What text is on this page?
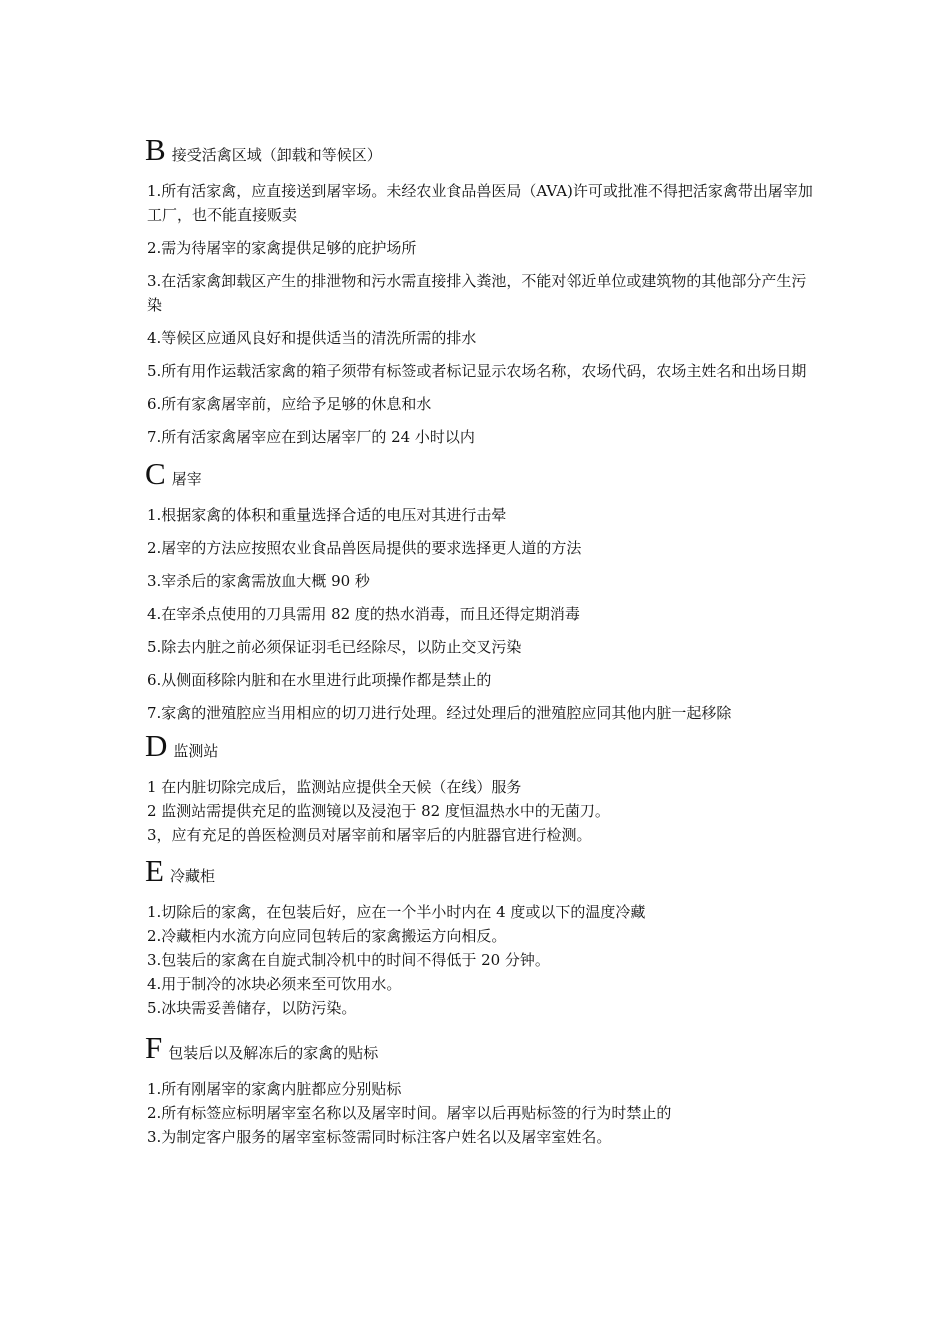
B 接受活禽区域（卸载和等候区）

1.所有活家禽，应直接送到屠宰场。未经农业食品兽医局（AVA)许可或批准不得把活家禽带出屠宰加工厂，也不能直接贩卖

2.需为待屠宰的家禽提供足够的庇护场所

3.在活家禽卸载区产生的排泄物和污水需直接排入粪池，不能对邻近单位或建筑物的其他部分产生污染

4.等候区应通风良好和提供适当的清洗所需的排水

5.所有用作运载活家禽的箱子须带有标签或者标记显示农场名称，农场代码，农场主姓名和出场日期

6.所有家禽屠宰前，应给予足够的休息和水

7.所有活家禽屠宰应在到达屠宰厂的 24 小时以内

C 屠宰

1.根据家禽的体积和重量选择合适的电压对其进行击晕

2.屠宰的方法应按照农业食品兽医局提供的要求选择更人道的方法

3.宰杀后的家禽需放血大概 90 秒

4.在宰杀点使用的刀具需用 82 度的热水消毒，而且还得定期消毒

5.除去内脏之前必须保证羽毛已经除尽，以防止交叉污染

6.从侧面移除内脏和在水里进行此项操作都是禁止的

7.家禽的泄殖腔应当用相应的切刀进行处理。经过处理后的泄殖腔应同其他内脏一起移除

D 监测站

1 在内脏切除完成后，监测站应提供全天候（在线）服务

2 监测站需提供充足的监测镜以及浸泡于 82 度恒温热水中的无菌刀。

3，应有充足的兽医检测员对屠宰前和屠宰后的内脏器官进行检测。

E 冷藏柜

1.切除后的家禽，在包装后好，应在一个半小时内在 4 度或以下的温度冷藏

2.冷藏柜内水流方向应同包转后的家禽搬运方向相反。

3.包装后的家禽在自旋式制冷机中的时间不得低于 20 分钟。

4.用于制冷的冰块必须来至可饮用水。

5.冰块需妥善储存，以防污染。

F 包装后以及解冻后的家禽的贴标

1.所有刚屠宰的家禽内脏都应分别贴标

2.所有标签应标明屠宰室名称以及屠宰时间。屠宰以后再贴标签的行为时禁止的

3.为制定客户服务的屠宰室标签需同时标注客户姓名以及屠宰室姓名。
